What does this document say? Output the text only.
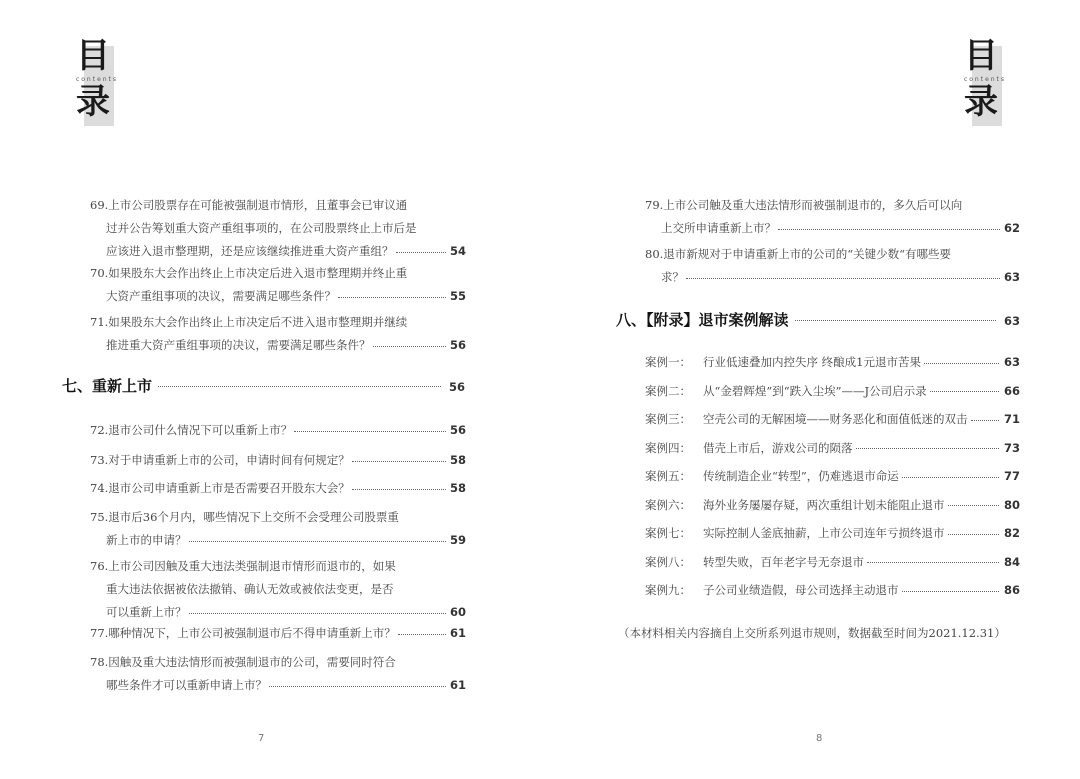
目
contents
录
69.上市公司股票存在可能被强制退市情形，且董事会已审议通
过并公告筹划重大资产重组事项的，在公司股票终止上市后是
应该进入退市整理期，还是应该继续推进重大资产重组？	54
70.如果股东大会作出终止上市决定后进入退市整理期并终止重
大资产重组事项的决议，需要满足哪些条件？	55
71.如果股东大会作出终止上市决定后不进入退市整理期并继续
推进重大资产重组事项的决议，需要满足哪些条件？	56
七、重新上市	56
72.退市公司什么情况下可以重新上市？	56
73.对于申请重新上市的公司，申请时间有何规定？	58
74.退市公司申请重新上市是否需要召开股东大会？	58
75.退市后36个月内，哪些情况下上交所不会受理公司股票重
新上市的申请？	59
76.上市公司因触及重大违法类强制退市情形而退市的，如果
重大违法依据被依法撤销、确认无效或被依法变更，是否
可以重新上市？	60
77.哪种情况下，上市公司被强制退市后不得申请重新上市？	61
78.因触及重大违法情形而被强制退市的公司，需要同时符合
哪些条件才可以重新申请上市？	61
7
目
contents
录
79.上市公司触及重大违法情形而被强制退市的，多久后可以向
上交所申请重新上市？	62
80.退市新规对于申请重新上市的公司的“关键少数“有哪些要
求？	63
八、【附录】退市案例解读	63
案例一： 行业低速叠加内控失序 终酿成1元退市苦果	63
案例二： 从“金碧辉煌”到“跌入尘埃”——J公司启示录	66
案例三： 空壳公司的无解困境——财务恶化和面值低迷的双击	71
案例四： 借壳上市后，游戏公司的陨落	73
案例五： 传统制造企业“转型”，仍难逃退市命运	77
案例六： 海外业务屡屡存疑，两次重组计划未能阻止退市	80
案例七： 实际控制人釜底抽薪，上市公司连年亏损终退市	82
案例八： 转型失败，百年老字号无奈退市	84
案例九： 子公司业绩造假，母公司选择主动退市	86
（本材料相关内容摘自上交所系列退市规则，数据截至时间为2021.12.31）
8
